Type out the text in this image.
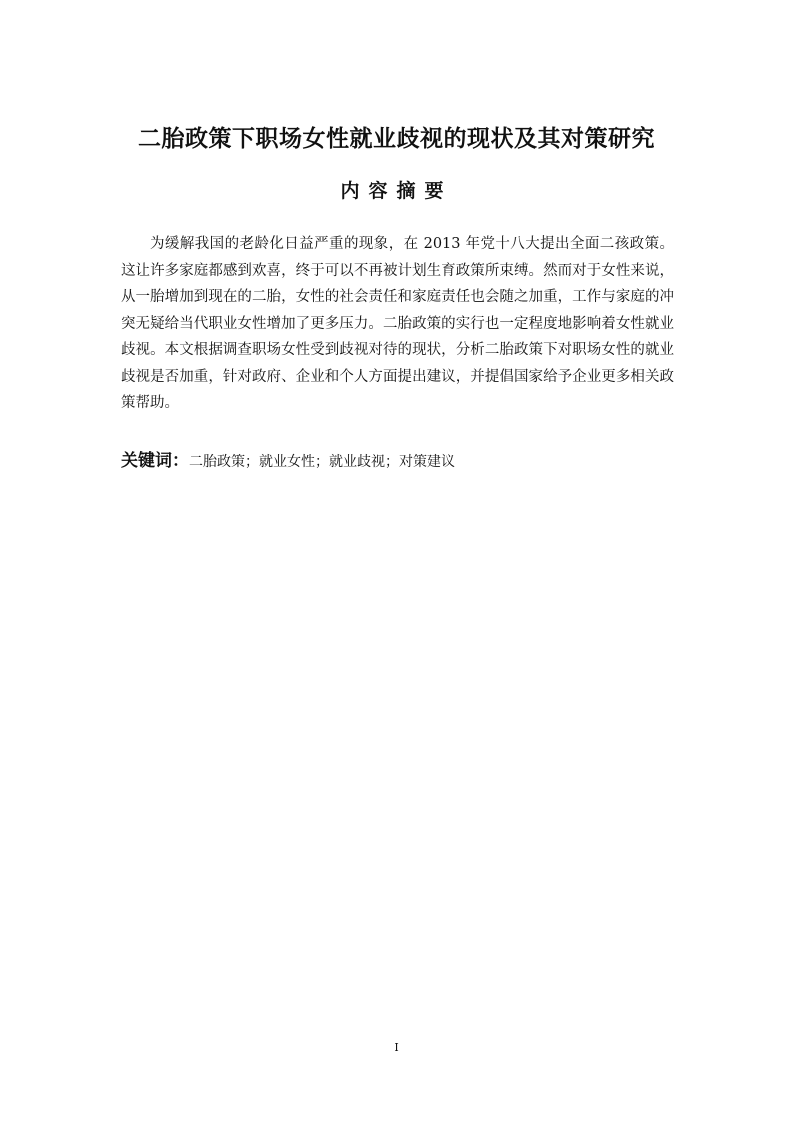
二胎政策下职场女性就业歧视的现状及其对策研究
内容摘要

为缓解我国的老龄化日益严重的现象，在 2013 年党十八大提出全面二孩政策。这让许多家庭都感到欢喜，终于可以不再被计划生育政策所束缚。然而对于女性来说，从一胎增加到现在的二胎，女性的社会责任和家庭责任也会随之加重，工作与家庭的冲突无疑给当代职业女性增加了更多压力。二胎政策的实行也一定程度地影响着女性就业歧视。本文根据调查职场女性受到歧视对待的现状，分析二胎政策下对职场女性的就业歧视是否加重，针对政府、企业和个人方面提出建议，并提倡国家给予企业更多相关政策帮助。

关键词：二胎政策；就业女性；就业歧视；对策建议

I
